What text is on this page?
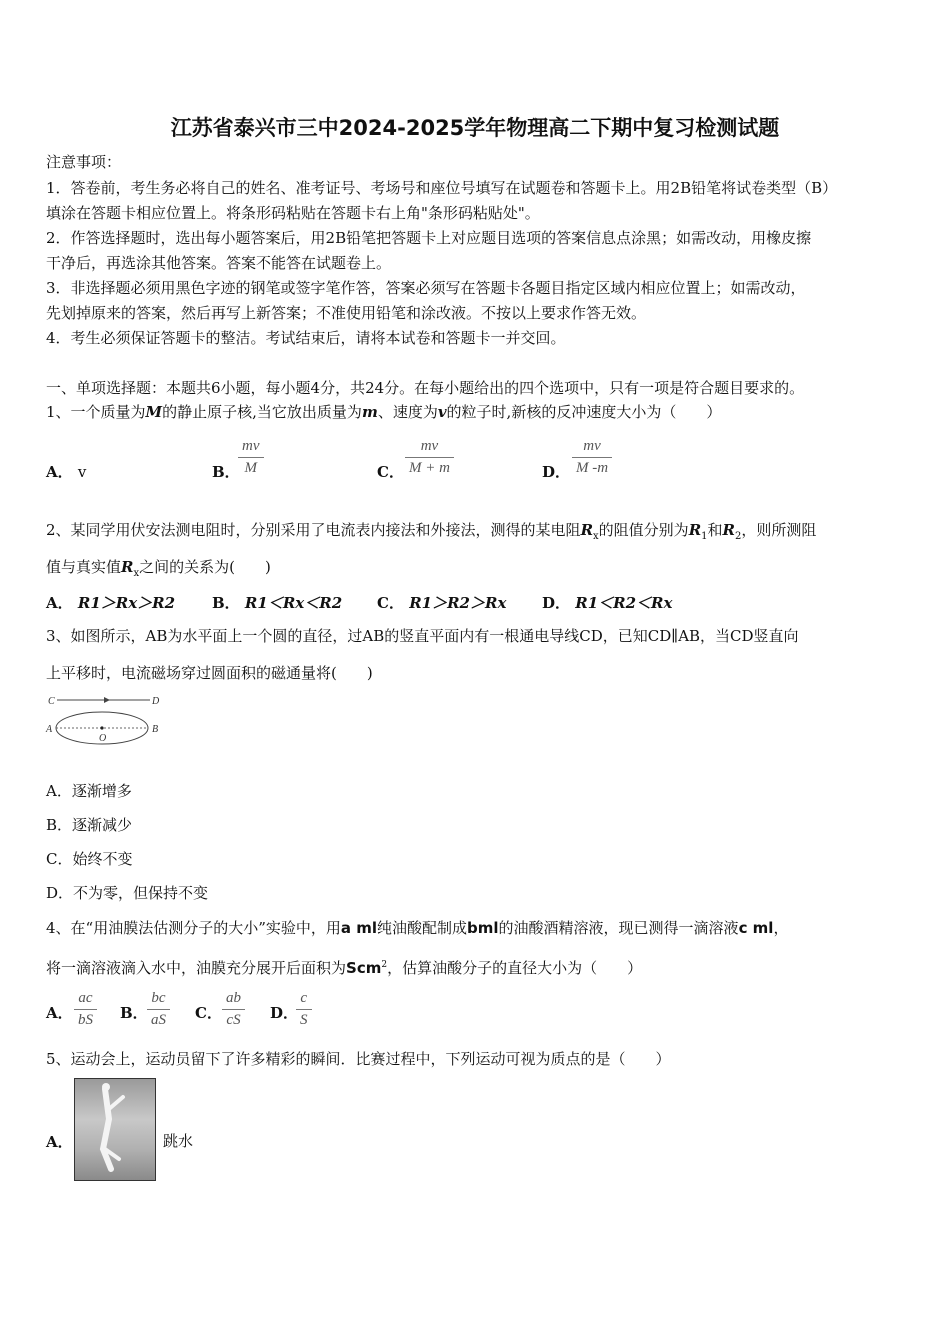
江苏省泰兴市三中2024-2025学年物理高二下期中复习检测试题
注意事项：
1．答卷前，考生务必将自己的姓名、准考证号、考场号和座位号填写在试题卷和答题卡上。用2B铅笔将试卷类型（B）
填涂在答题卡相应位置上。将条形码粘贴在答题卡右上角"条形码粘贴处"。
2．作答选择题时，选出每小题答案后，用2B铅笔把答题卡上对应题目选项的答案信息点涂黑；如需改动，用橡皮擦
干净后，再选涂其他答案。答案不能答在试题卷上。
3．非选择题必须用黑色字迹的钢笔或签字笔作答，答案必须写在答题卡各题目指定区域内相应位置上；如需改动，
先划掉原来的答案，然后再写上新答案；不准使用铅笔和涂改液。不按以上要求作答无效。
4．考生必须保证答题卡的整洁。考试结束后，请将本试卷和答题卡一并交回。
一、单项选择题：本题共6小题，每小题4分，共24分。在每小题给出的四个选项中，只有一项是符合题目要求的。
1、一个质量为M的静止原子核,当它放出质量为m、速度为v的粒子时,新核的反冲速度大小为（　　）
A． v	B．
mv
M	C．
mv
M + m	D．
mv
M -m
2、某同学用伏安法测电阻时，分别采用了电流表内接法和外接法，测得的某电阻$R_x$的阻值分别为$R_1$和$R_2$，则所测阻
值与真实值$R_x$之间的关系为(　　)
A． R1＞Rx＞R2 B． R1＜Rx＜R2 C． R1＞R2＞Rx D． R1＜R2＜Rx
3、如图所示，AB为水平面上一个圆的直径，过AB的竖直平面内有一根通电导线CD，已知CD∥AB，当CD竖直向
上平移时，电流磁场穿过圆面积的磁通量将(　　)
C	D
A
O
B
A．逐渐增多
B．逐渐减少
C．始终不变
D．不为零，但保持不变
4、在“用油膜法估测分子的大小”实验中，用a ml纯油酸配制成bml的油酸酒精溶液，现已测得一滴溶液c ml，
将一滴溶液滴入水中，油膜充分展开后面积为Scm$^2$，估算油酸分子的直径大小为（　　）
A．
ac
bS B．
bc
aS C．
ab
cS D．
c
S
5、运动会上，运动员留下了许多精彩的瞬间．比赛过程中，下列运动可视为质点的是（　　）
A．	跳水
